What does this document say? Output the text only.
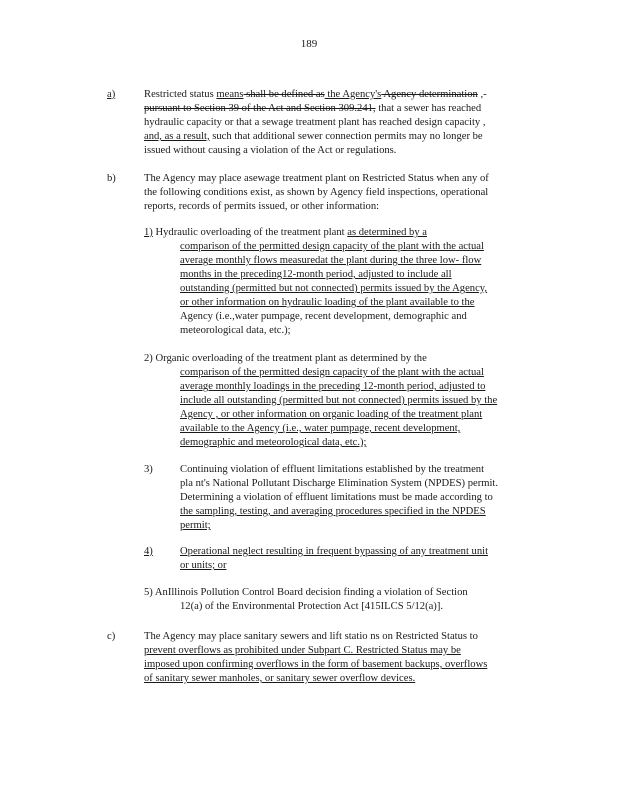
189
a)	Restricted status means shall be defined as the Agency's Agency determination ,-
pursuant to Section 39 of the Act and Section 309.241, that a sewer has reached
hydraulic capacity or that a sewage treatment plant has reached design capacity ,
and, as a result, such that additional sewer connection permits may no longer be
issued without causing a violation of the Act or regulations.
b)	The Agency may place asewage treatment plant on Restricted Status when any of
the following conditions exist, as shown by Agency field inspections, operational
reports, records of permits issued, or other information:
1) Hydraulic overloading of the treatment plant as determined by a
comparison of the permitted design capacity of the plant with the actual
average monthly flows measuredat the plant during the three low- flow
months in the preceding12-month period, adjusted to include all
outstanding (permitted but not connected) permits issued by the Agency,
or other information on hydraulic loading of the plant available to the
Agency (i.e.,water pumpage, recent development, demographic and
meteorological data, etc.);
2) Organic overloading of the treatment plant as determined by the
comparison of the permitted design capacity of the plant with the actual
average monthly loadings in the preceding 12-month period, adjusted to
include all outstanding (permitted but not connected) permits issued by the
Agency , or other information on organic loading of the treatment plant
available to the Agency (i.e., water pumpage, recent development,
demographic and meteorological data, etc.);
3)	Continuing violation of effluent limitations established by the treatment
pla nt's National Pollutant Discharge Elimination System (NPDES) permit.
Determining a violation of effluent limitations must be made according to
the sampling, testing, and averaging procedures specified in the NPDES
permit;
4)	Operational neglect resulting in frequent bypassing of any treatment unit
or units; or
5) AnIllinois Pollution Control Board decision finding a violation of Section
12(a) of the Environmental Protection Act [415ILCS 5/12(a)].
c)	The Agency may place sanitary sewers and lift statio ns on Restricted Status to
prevent overflows as prohibited under Subpart C. Restricted Status may be
imposed upon confirming overflows in the form of basement backups, overflows
of sanitary sewer manholes, or sanitary sewer overflow devices.
